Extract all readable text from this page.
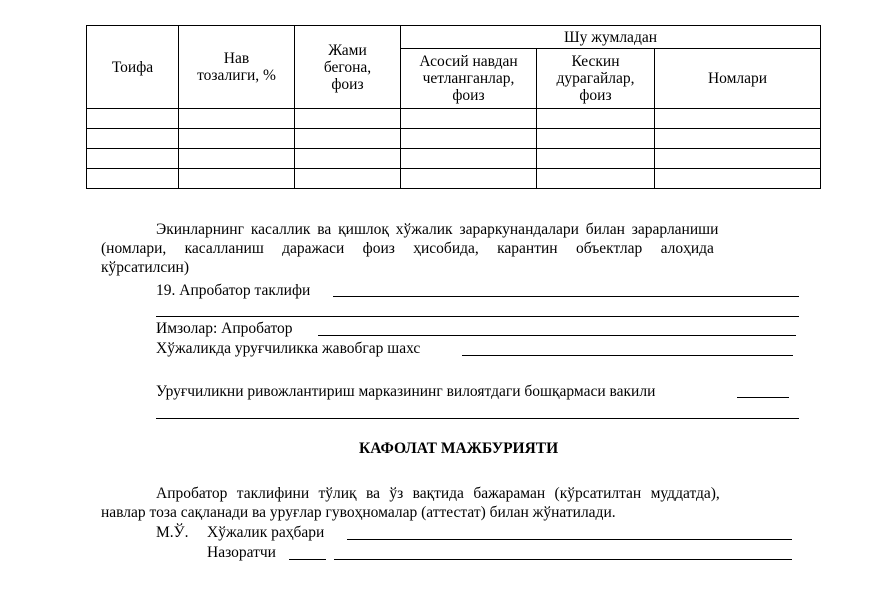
Тоифа	Нав тозалиги, %	Жами бегона, фоиз	Шу жумладан		
			Асосий навдан четланганлар, фоиз	Кескин дурагайлар, фоиз	Номлари

Экинларнинг касаллик ва қишлоқ хўжалик зараркунандалари билан зарарланиши
(номлари, касалланиш даражаси фоиз ҳисобида, карантин объектлар алоҳида
кўрсатилсин)
19. Апробатор таклифи
Имзолар: Апробатор
Хўжаликда уруғчиликка жавобгар шахс
Уруғчиликни ривожлантириш марказининг вилоятдаги бошқармаси вакили
КАФОЛАТ МАЖБУРИЯТИ
Апробатор таклифини тўлиқ ва ўз вақтида бажараман (кўрсатилтан муддатда),
навлар тоза сақланади ва уруғлар гувоҳномалар (аттестат) билан жўнатилади.
М.Ў. Хўжалик раҳбари
Назоратчи
